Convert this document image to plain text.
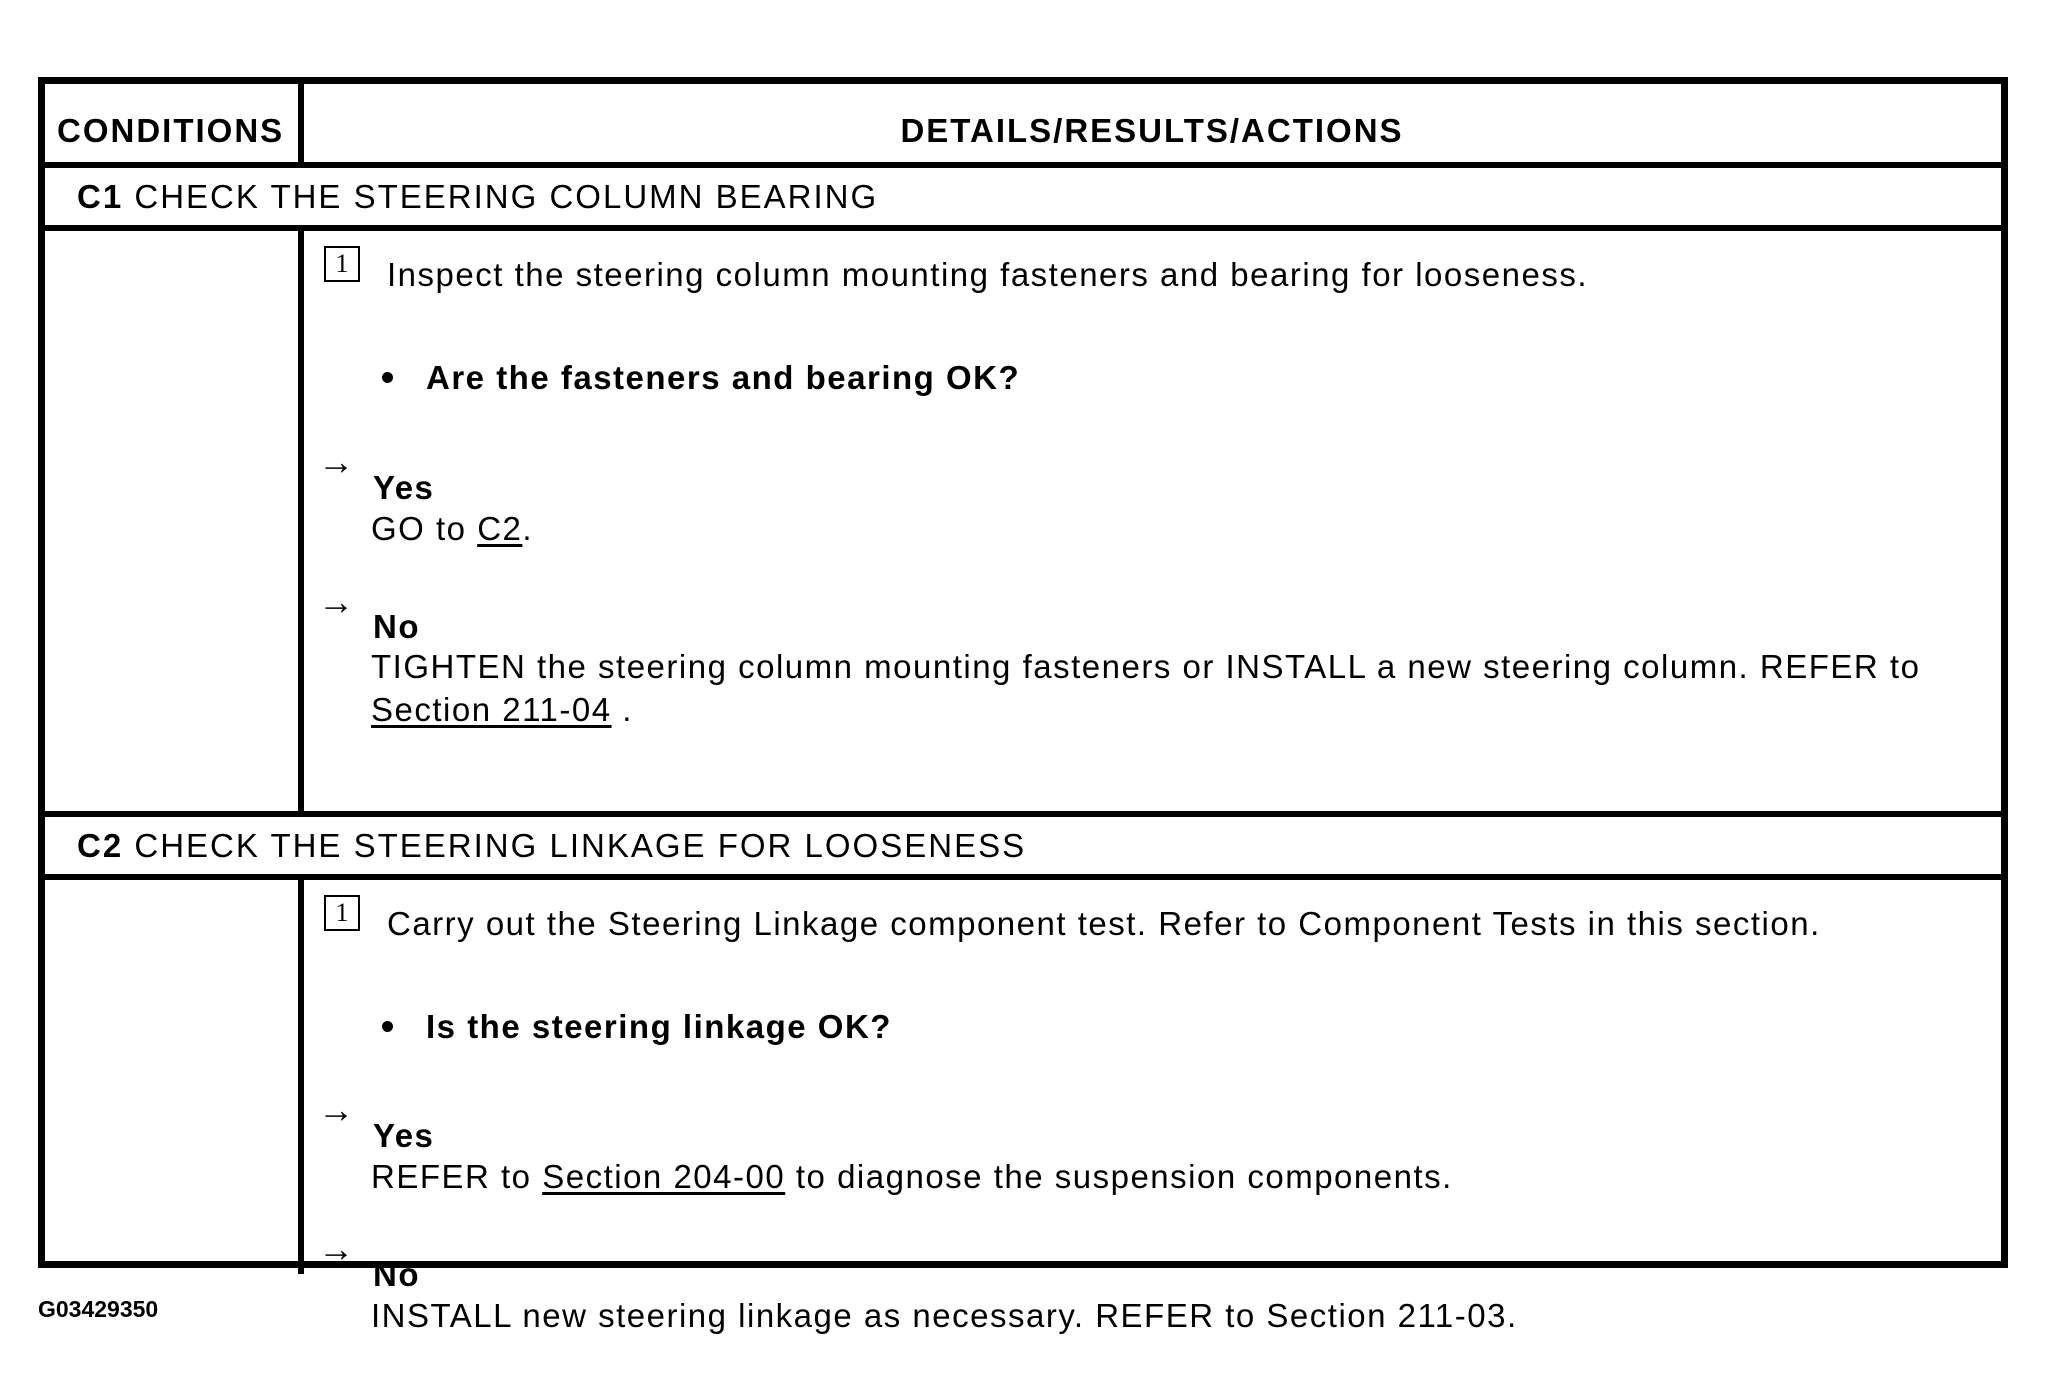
CONDITIONS	DETAILS/RESULTS/ACTIONS
C1 CHECK THE STEERING COLUMN BEARING
1	Inspect the steering column mounting fasteners and bearing for looseness.
Are the fasteners and bearing OK?
→
Yes
GO to C2.
→
No
TIGHTEN the steering column mounting fasteners or INSTALL a new steering column. REFER to
Section 211-04 .
C2 CHECK THE STEERING LINKAGE FOR LOOSENESS
1	Carry out the Steering Linkage component test. Refer to Component Tests in this section.
Is the steering linkage OK?
→
Yes
REFER to Section 204-00 to diagnose the suspension components.
→
No
INSTALL new steering linkage as necessary. REFER to Section 211-03.
G03429350
